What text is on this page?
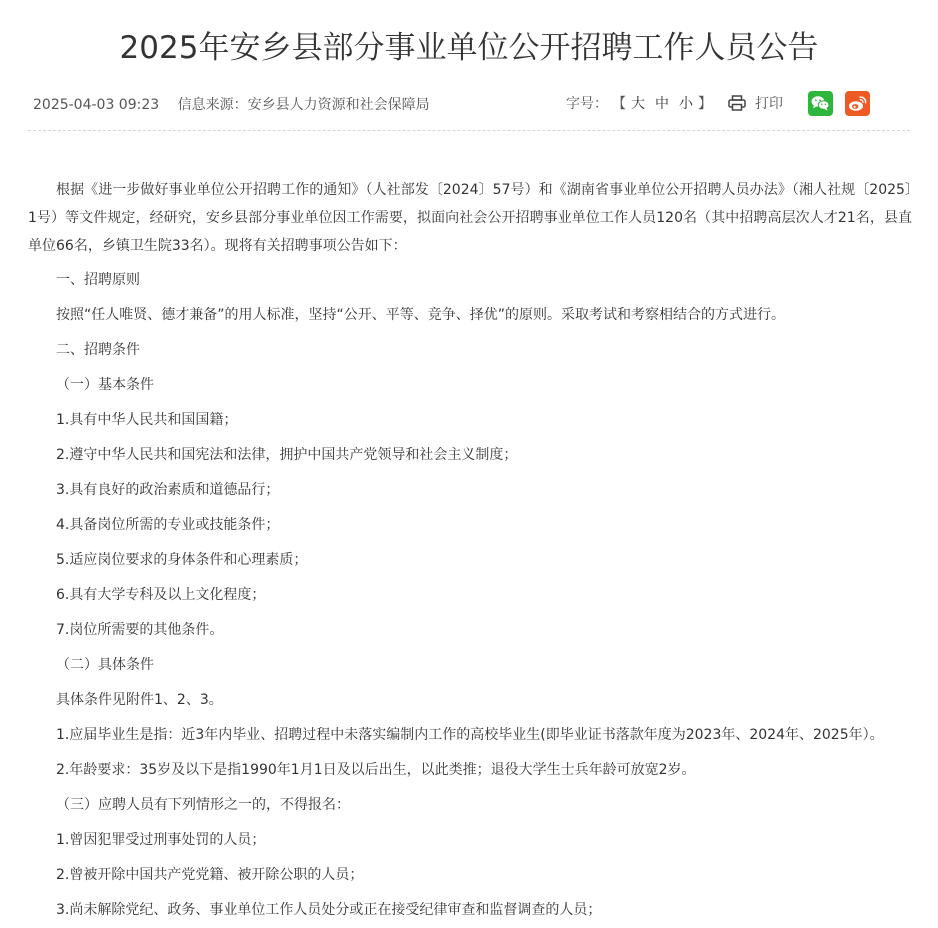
2025年安乡县部分事业单位公开招聘工作人员公告
2025-04-03 09:23 信息来源：安乡县人力资源和社会保障局	字号： 【 大 中 小 】	打印

根据《进一步做好事业单位公开招聘工作的通知》（人社部发〔2024〕57号）和《湖南省事业单位公开招聘人员办法》（湘人社规〔2025〕1号）等文件规定，经研究，安乡县部分事业单位因工作需要，拟面向社会公开招聘事业单位工作人员120名（其中招聘高层次人才21名，县直单位66名，乡镇卫生院33名）。现将有关招聘事项公告如下：

一、招聘原则

按照“任人唯贤、德才兼备”的用人标准，坚持“公开、平等、竞争、择优”的原则。采取考试和考察相结合的方式进行。

二、招聘条件

（一）基本条件

1.具有中华人民共和国国籍；

2.遵守中华人民共和国宪法和法律，拥护中国共产党领导和社会主义制度；

3.具有良好的政治素质和道德品行；

4.具备岗位所需的专业或技能条件；

5.适应岗位要求的身体条件和心理素质；

6.具有大学专科及以上文化程度；

7.岗位所需要的其他条件。

（二）具体条件

具体条件见附件1、2、3。

1.应届毕业生是指：近3年内毕业、招聘过程中未落实编制内工作的高校毕业生(即毕业证书落款年度为2023年、2024年、2025年）。

2.年龄要求：35岁及以下是指1990年1月1日及以后出生，以此类推；退役大学生士兵年龄可放宽2岁。

（三）应聘人员有下列情形之一的，不得报名：

1.曾因犯罪受过刑事处罚的人员；

2.曾被开除中国共产党党籍、被开除公职的人员；

3.尚未解除党纪、政务、事业单位工作人员处分或正在接受纪律审查和监督调查的人员；
